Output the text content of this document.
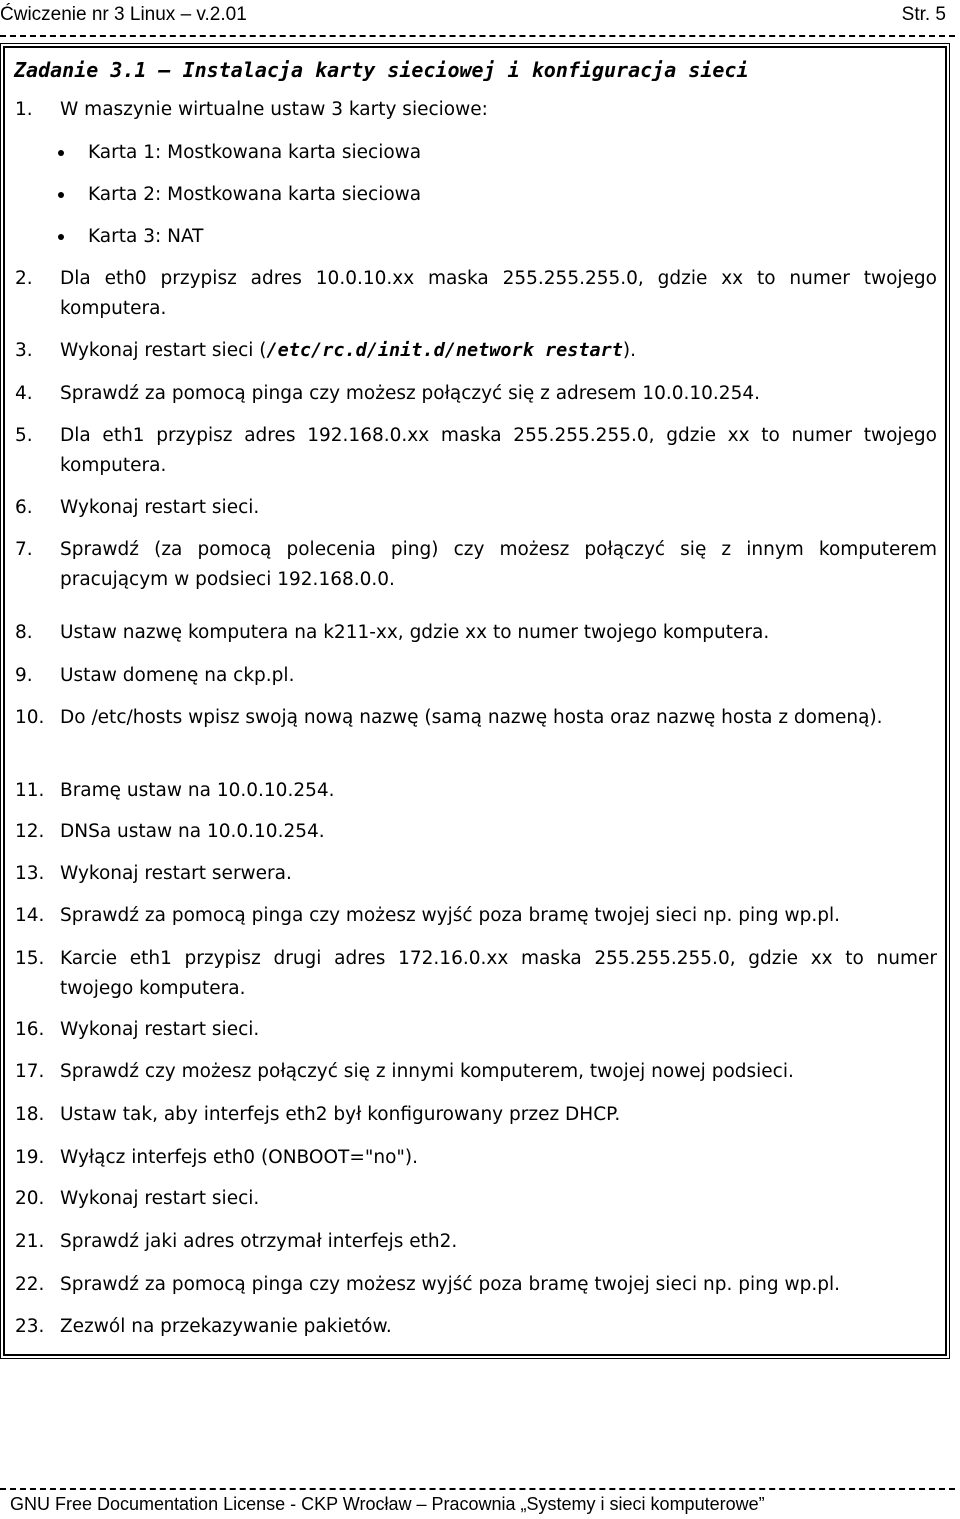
Ćwiczenie nr 3 Linux – v.2.01	Str. 5
Zadanie 3.1 – Instalacja karty sieciowej i konfiguracja sieci
1.	W maszynie wirtualne ustaw 3 karty sieciowe:
Karta 1: Mostkowana karta sieciowa
Karta 2: Mostkowana karta sieciowa
Karta 3: NAT
2.	Dla eth0 przypisz adres 10.0.10.xx maska 255.255.255.0, gdzie xx to numer twojego komputera.
3.	Wykonaj restart sieci (/etc/rc.d/init.d/network restart).
4.	Sprawdź za pomocą pinga czy możesz połączyć się z adresem 10.0.10.254.
5.	Dla eth1 przypisz adres 192.168.0.xx maska 255.255.255.0, gdzie xx to numer twojego komputera.
6.	Wykonaj restart sieci.
7.	Sprawdź (za pomocą polecenia ping) czy możesz połączyć się z innym komputerem pracującym w podsieci 192.168.0.0.
8.	Ustaw nazwę komputera na k211-xx, gdzie xx to numer twojego komputera.
9.	Ustaw domenę na ckp.pl.
10. Do /etc/hosts wpisz swoją nową nazwę (samą nazwę hosta oraz nazwę hosta z domeną).
11. Bramę ustaw na 10.0.10.254.
12. DNSa ustaw na 10.0.10.254.
13. Wykonaj restart serwera.
14. Sprawdź za pomocą pinga czy możesz wyjść poza bramę twojej sieci np. ping wp.pl.
15. Karcie eth1 przypisz drugi adres 172.16.0.xx maska 255.255.255.0, gdzie xx to numer twojego komputera.
16. Wykonaj restart sieci.
17. Sprawdź czy możesz połączyć się z innymi komputerem, twojej nowej podsieci.
18. Ustaw tak, aby interfejs eth2 był konfigurowany przez DHCP.
19. Wyłącz interfejs eth0 (ONBOOT="no").
20. Wykonaj restart sieci.
21. Sprawdź jaki adres otrzymał interfejs eth2.
22. Sprawdź za pomocą pinga czy możesz wyjść poza bramę twojej sieci np. ping wp.pl.
23. Zezwól na przekazywanie pakietów.
GNU Free Documentation License - CKP Wrocław – Pracownia „Systemy i sieci komputerowe”
